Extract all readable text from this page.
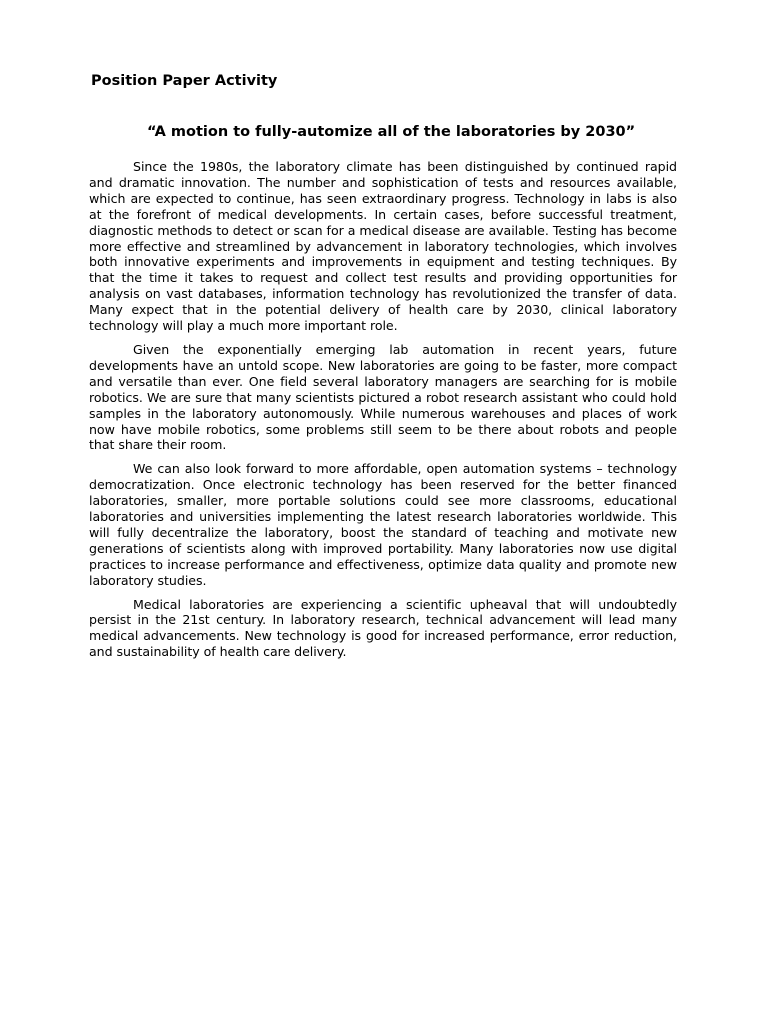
Position Paper Activity
“A motion to fully-automize all of the laboratories by 2030”

Since the 1980s, the laboratory climate has been distinguished by continued rapid and dramatic innovation. The number and sophistication of tests and resources available, which are expected to continue, has seen extraordinary progress. Technology in labs is also at the forefront of medical developments. In certain cases, before successful treatment, diagnostic methods to detect or scan for a medical disease are available. Testing has become more effective and streamlined by advancement in laboratory technologies, which involves both innovative experiments and improvements in equipment and testing techniques. By that the time it takes to request and collect test results and providing opportunities for analysis on vast databases, information technology has revolutionized the transfer of data. Many expect that in the potential delivery of health care by 2030, clinical laboratory technology will play a much more important role.

Given the exponentially emerging lab automation in recent years, future developments have an untold scope. New laboratories are going to be faster, more compact and versatile than ever. One field several laboratory managers are searching for is mobile robotics. We are sure that many scientists pictured a robot research assistant who could hold samples in the laboratory autonomously. While numerous warehouses and places of work now have mobile robotics, some problems still seem to be there about robots and people that share their room.

We can also look forward to more affordable, open automation systems – technology democratization. Once electronic technology has been reserved for the better financed laboratories, smaller, more portable solutions could see more classrooms, educational laboratories and universities implementing the latest research laboratories worldwide. This will fully decentralize the laboratory, boost the standard of teaching and motivate new generations of scientists along with improved portability. Many laboratories now use digital practices to increase performance and effectiveness, optimize data quality and promote new laboratory studies.

Medical laboratories are experiencing a scientific upheaval that will undoubtedly persist in the 21st century. In laboratory research, technical advancement will lead many medical advancements. New technology is good for increased performance, error reduction, and sustainability of health care delivery.
